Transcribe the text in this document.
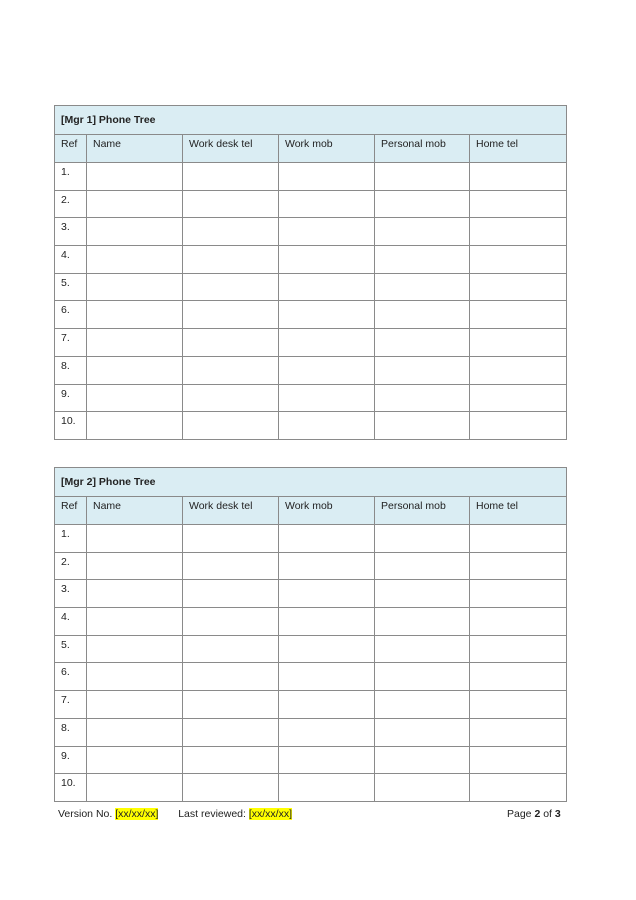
[Mgr 1] Phone Tree					
Ref	Name	Work desk tel	Work mob	Personal mob	Home tel
1.					
2.					
3.					
4.					
5.					
6.					
7.					
8.					
9.					
10.					
[Mgr 2] Phone Tree					
Ref	Name	Work desk tel	Work mob	Personal mob	Home tel
1.					
2.					
3.					
4.					
5.					
6.					
7.					
8.					
9.					
10.					
Version No. [xx/xx/xx] Last reviewed: [xx/xx/xx]	Page 2 of 3
